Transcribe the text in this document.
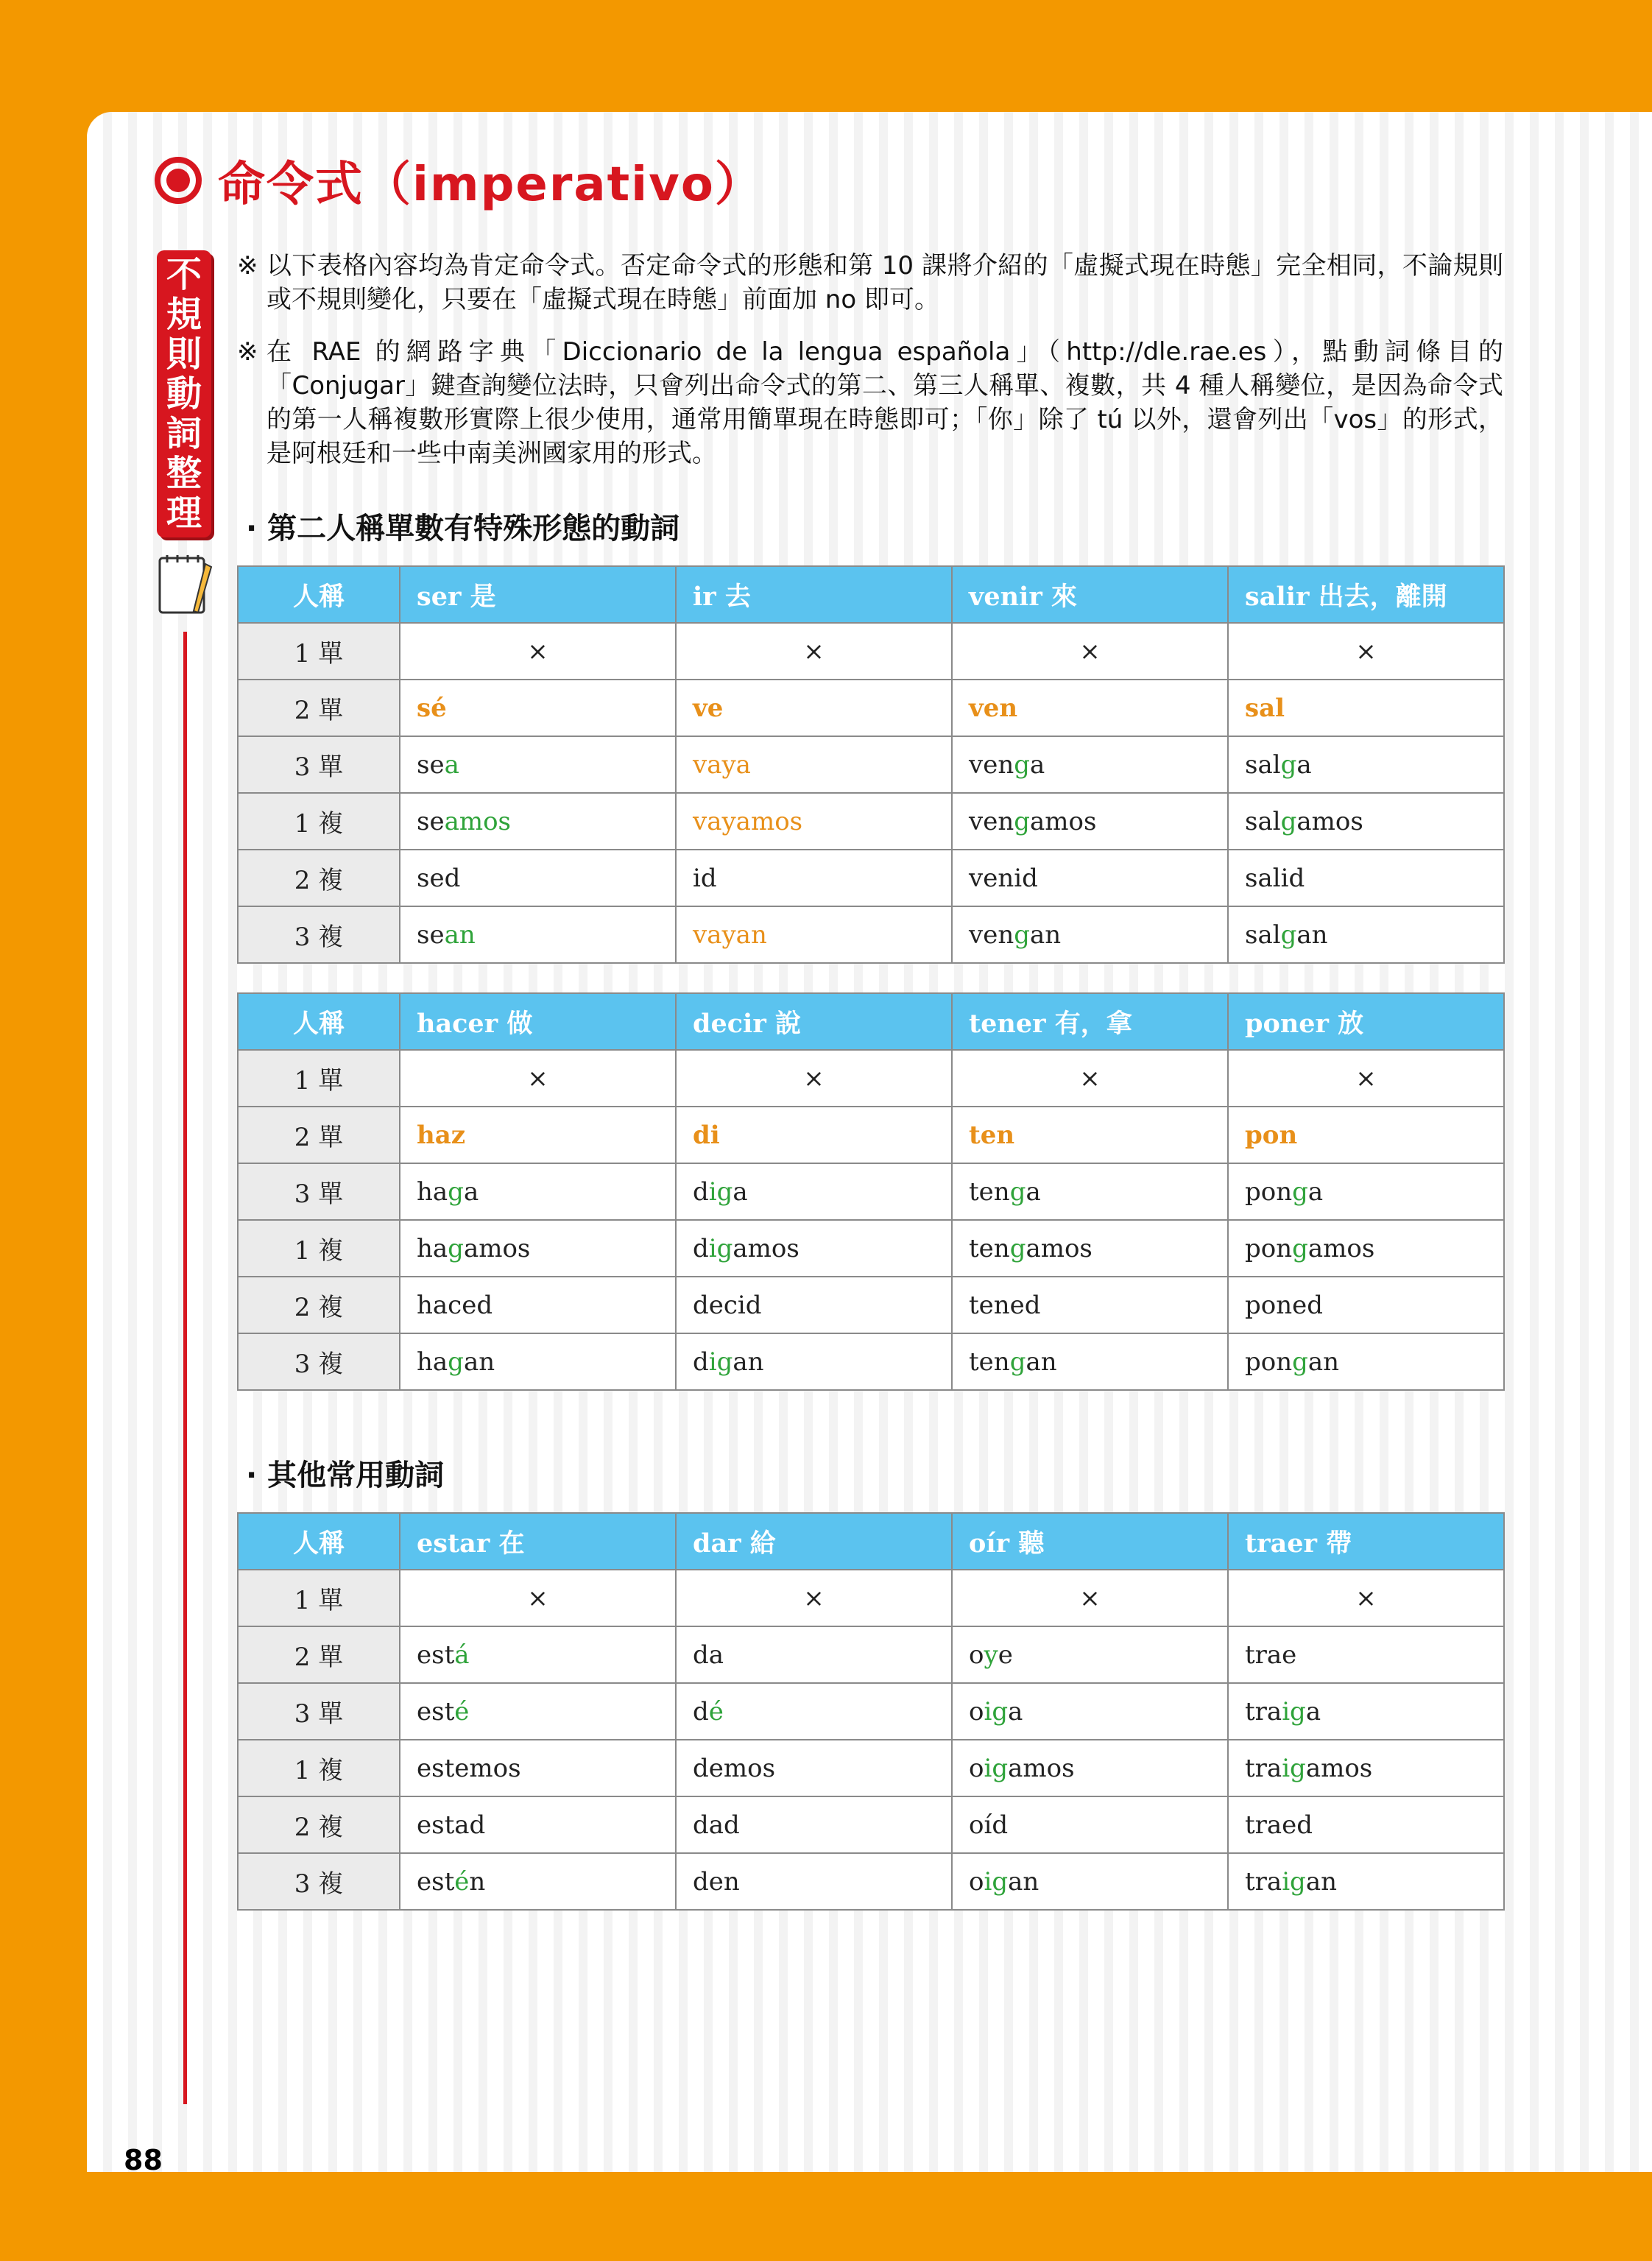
命令式（imperativo）
不
規
則
動
詞
整
理
※ 以下表格內容均為肯定命令式。否定命令式的形態和第 10 課將介紹的「虛擬式現在時態」完全相同，不論規則或不規則變化，只要在「虛擬式現在時態」前面加 no 即可。
※ 在 RAE 的網路字典「Diccionario de la lengua española」（http://dle.rae.es），點動詞條目的「Conjugar」鍵查詢變位法時，只會列出命令式的第二、第三人稱單、複數，共 4 種人稱變位，是因為命令式的第一人稱複數形實際上很少使用，通常用簡單現在時態即可；「你」除了 tú 以外，還會列出「vos」的形式，是阿根廷和一些中南美洲國家用的形式。
· 第二人稱單數有特殊形態的動詞
人稱	ser 是	ir 去	venir 來	salir 出去，離開
1 單	×	×	×	×
2 單	sé	ve	ven	sal
3 單	sea	vaya	venga	salga
1 複	seamos	vayamos	vengamos	salgamos
2 複	sed	id	venid	salid
3 複	sean	vayan	vengan	salgan
人稱	hacer 做	decir 說	tener 有，拿	poner 放
1 單	×	×	×	×
2 單	haz	di	ten	pon
3 單	haga	diga	tenga	ponga
1 複	hagamos	digamos	tengamos	pongamos
2 複	haced	decid	tened	poned
3 複	hagan	digan	tengan	pongan
· 其他常用動詞
人稱	estar 在	dar 給	oír 聽	traer 帶
1 單	×	×	×	×
2 單	está	da	oye	trae
3 單	esté	dé	oiga	traiga
1 複	estemos	demos	oigamos	traigamos
2 複	estad	dad	oíd	traed
3 複	estén	den	oigan	traigan
88
